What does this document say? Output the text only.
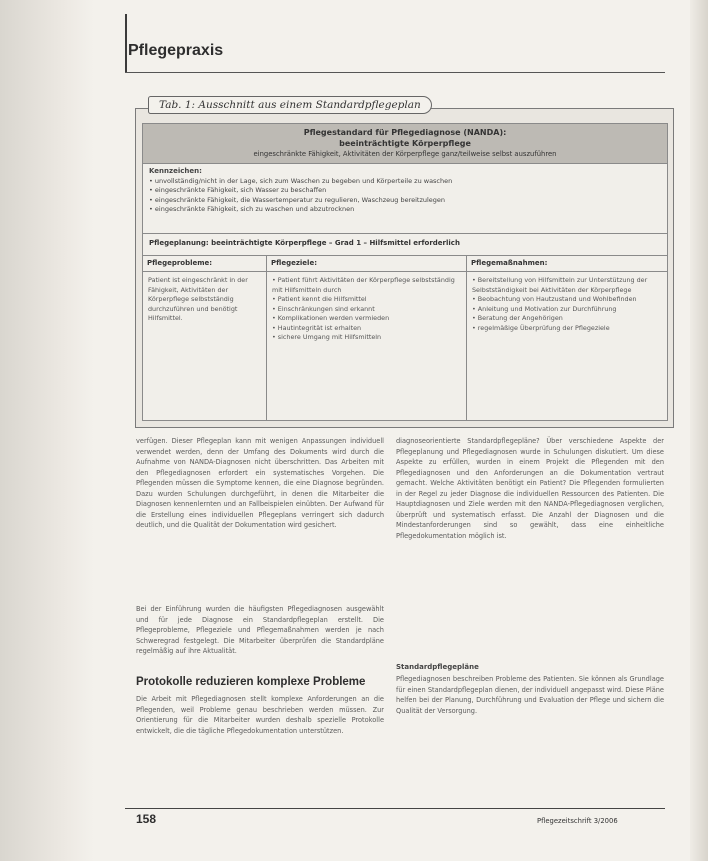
Pflegepraxis
Pflegestandard für Pflegediagnose (NANDA):
beeinträchtigte Körperpflege
eingeschränkte Fähigkeit, Aktivitäten der Körperpflege ganz/teilweise selbst auszuführen
Kennzeichen:
• unvollständig/nicht in der Lage, sich zum Waschen zu begeben und Körperteile zu waschen
• eingeschränkte Fähigkeit, sich Wasser zu beschaffen
• eingeschränkte Fähigkeit, die Wassertemperatur zu regulieren, Waschzeug bereitzulegen
• eingeschränkte Fähigkeit, sich zu waschen und abzutrocknen
Pflegeplanung: beeinträchtigte Körperpflege – Grad 1 – Hilfsmittel erforderlich
Pflegeprobleme:
Patient ist eingeschränkt in der Fähigkeit, Aktivitäten der Körperpflege selbstständig durchzuführen und benötigt Hilfsmittel.
Pflegeziele:
• Patient führt Aktivitäten der Körperpflege selbstständig mit Hilfsmitteln durch
• Patient kennt die Hilfsmittel
• Einschränkungen sind erkannt
• Komplikationen werden vermieden
• Hautintegrität ist erhalten
• sichere Umgang mit Hilfsmitteln
Pflegemaßnahmen:
• Bereitstellung von Hilfsmitteln zur Unterstützung der Selbstständigkeit bei Aktivitäten der Körperpflege
• Beobachtung von Hautzustand und Wohlbefinden
• Anleitung und Motivation zur Durchführung
• Beratung der Angehörigen
• regelmäßige Überprüfung der Pflegeziele
Tab. 1: Ausschnitt aus einem Standardpflegeplan
verfügen. Dieser Pflegeplan kann mit wenigen Anpassungen individuell verwendet werden, denn der Umfang des Dokuments wird durch die Aufnahme von NANDA-Diagnosen nicht überschritten. Das Arbeiten mit den Pflegediagnosen erfordert ein systematisches Vorgehen. Die Pflegenden müssen die Symptome kennen, die eine Diagnose begründen. Dazu wurden Schulungen durchgeführt, in denen die Mitarbeiter die Diagnosen kennenlernten und an Fallbeispielen einübten. Der Aufwand für die Erstellung eines individuellen Pflegeplans verringert sich dadurch deutlich, und die Qualität der Dokumentation wird gesichert.
Bei der Einführung wurden die häufigsten Pflegediagnosen ausgewählt und für jede Diagnose ein Standardpflegeplan erstellt. Die Pflegeprobleme, Pflegeziele und Pflegemaßnahmen werden je nach Schweregrad festgelegt. Die Mitarbeiter überprüfen die Standardpläne regelmäßig auf ihre Aktualität.
Protokolle reduzieren komplexe Probleme
Die Arbeit mit Pflegediagnosen stellt komplexe Anforderungen an die Pflegenden, weil Probleme genau beschrieben werden müssen. Zur Orientierung für die Mitarbeiter wurden deshalb spezielle Protokolle entwickelt, die die tägliche Pflegedokumentation unterstützen.
diagnoseorientierte Standardpflegepläne? Über verschiedene Aspekte der Pflegeplanung und Pflegediagnosen wurde in Schulungen diskutiert. Um diese Aspekte zu erfüllen, wurden in einem Projekt die Pflegenden mit den Pflegediagnosen und den Anforderungen an die Dokumentation vertraut gemacht. Welche Aktivitäten benötigt ein Patient? Die Pflegenden formulierten in der Regel zu jeder Diagnose die individuellen Ressourcen des Patienten. Die Hauptdiagnosen und Ziele werden mit den NANDA-Pflegediagnosen verglichen, überprüft und systematisch erfasst. Die Anzahl der Diagnosen und die Mindestanforderungen sind so gewählt, dass eine einheitliche Pflegedokumentation möglich ist.
Standardpflegepläne
Pflegediagnosen beschreiben Probleme des Patienten. Sie können als Grundlage für einen Standardpflegeplan dienen, der individuell angepasst wird. Diese Pläne helfen bei der Planung, Durchführung und Evaluation der Pflege und sichern die Qualität der Versorgung.
158	Pflegezeitschrift 3/2006
